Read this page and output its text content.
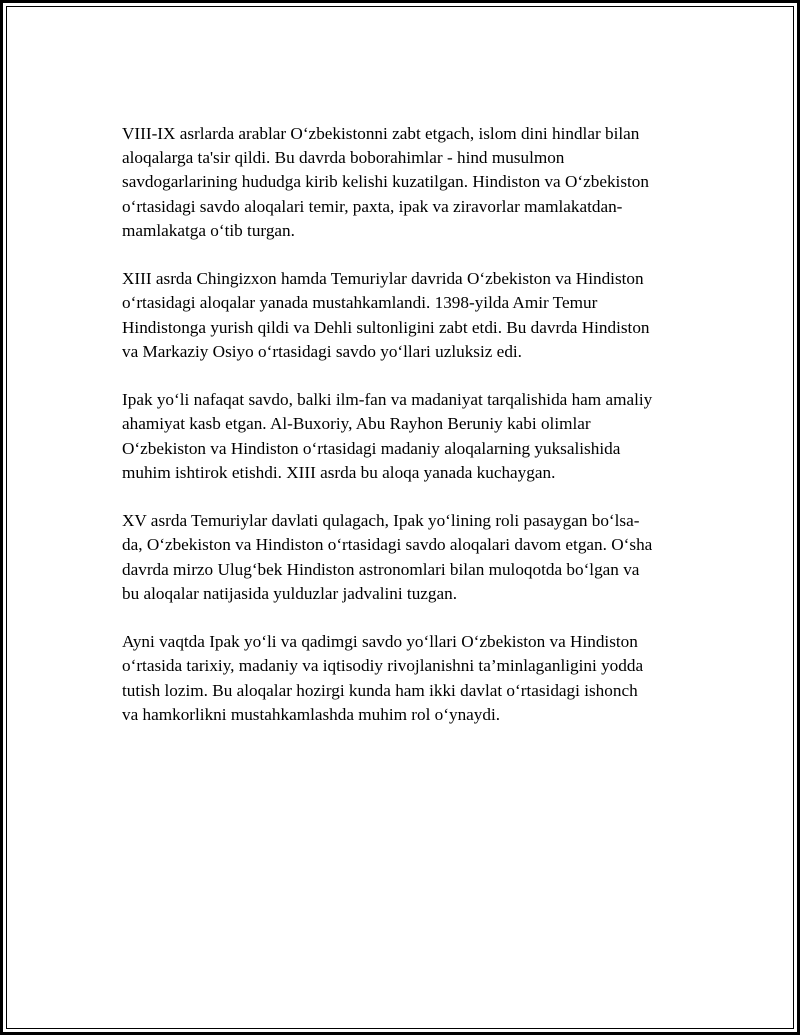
VIII-IX asrlarda arablar O‘zbekistonni zabt etgach, islom dini hindlar bilan
aloqalarga ta'sir qildi. Bu davrda boborahimlar - hind musulmon
savdogarlarining hududga kirib kelishi kuzatilgan. Hindiston va O‘zbekiston
o‘rtasidagi savdo aloqalari temir, paxta, ipak va ziravorlar mamlakatdan-
mamlakatga o‘tib turgan.

XIII asrda Chingizxon hamda Temuriylar davrida O‘zbekiston va Hindiston
o‘rtasidagi aloqalar yanada mustahkamlandi. 1398-yilda Amir Temur
Hindistonga yurish qildi va Dehli sultonligini zabt etdi. Bu davrda Hindiston
va Markaziy Osiyo o‘rtasidagi savdo yo‘llari uzluksiz edi.

Ipak yo‘li nafaqat savdo, balki ilm-fan va madaniyat tarqalishida ham amaliy
ahamiyat kasb etgan. Al-Buxoriy, Abu Rayhon Beruniy kabi olimlar
O‘zbekiston va Hindiston o‘rtasidagi madaniy aloqalarning yuksalishida
muhim ishtirok etishdi. XIII asrda bu aloqa yanada kuchaygan.

XV asrda Temuriylar davlati qulagach, Ipak yo‘lining roli pasaygan bo‘lsa-
da, O‘zbekiston va Hindiston o‘rtasidagi savdo aloqalari davom etgan. O‘sha
davrda mirzo Ulug‘bek Hindiston astronomlari bilan muloqotda bo‘lgan va
bu aloqalar natijasida yulduzlar jadvalini tuzgan.

Ayni vaqtda Ipak yo‘li va qadimgi savdo yo‘llari O‘zbekiston va Hindiston
o‘rtasida tarixiy, madaniy va iqtisodiy rivojlanishni ta’minlaganligini yodda
tutish lozim. Bu aloqalar hozirgi kunda ham ikki davlat o‘rtasidagi ishonch
va hamkorlikni mustahkamlashda muhim rol o‘ynaydi.
